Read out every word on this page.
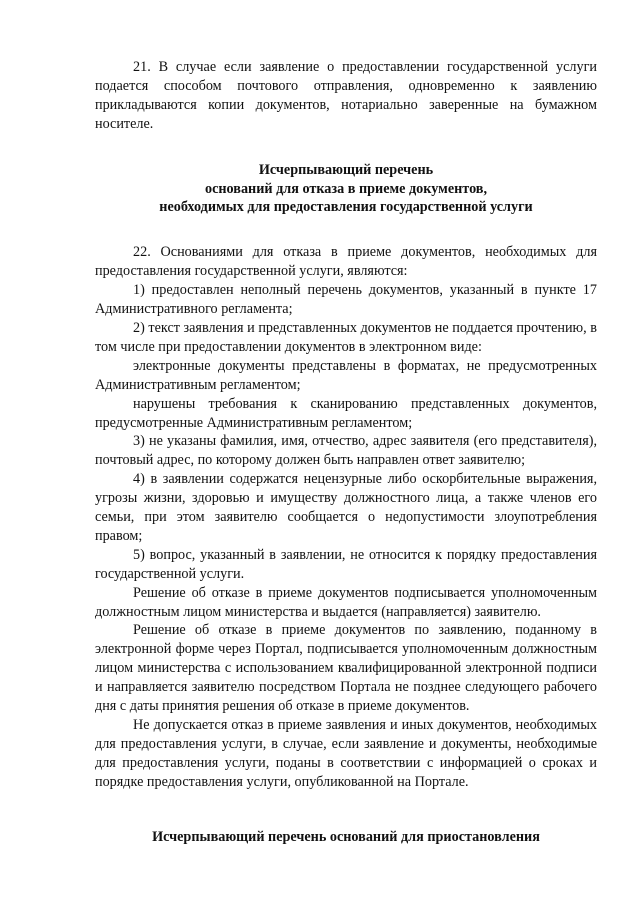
21. В случае если заявление о предоставлении государственной услуги подается способом почтового отправления, одновременно к заявлению прикладываются копии документов, нотариально заверенные на бумажном носителе.

Исчерпывающий перечень
оснований для отказа в приеме документов,
необходимых для предоставления государственной услуги

22. Основаниями для отказа в приеме документов, необходимых для предоставления государственной услуги, являются:

1) предоставлен неполный перечень документов, указанный в пункте 17 Административного регламента;

2) текст заявления и представленных документов не поддается прочтению, в том числе при предоставлении документов в электронном виде:

электронные документы представлены в форматах, не предусмотренных Административным регламентом;

нарушены требования к сканированию представленных документов, предусмотренные Административным регламентом;

3) не указаны фамилия, имя, отчество, адрес заявителя (его представителя), почтовый адрес, по которому должен быть направлен ответ заявителю;

4) в заявлении содержатся нецензурные либо оскорбительные выражения, угрозы жизни, здоровью и имуществу должностного лица, а также членов его семьи, при этом заявителю сообщается о недопустимости злоупотребления правом;

5) вопрос, указанный в заявлении, не относится к порядку предоставления государственной услуги.

Решение об отказе в приеме документов подписывается уполномоченным должностным лицом министерства и выдается (направляется) заявителю.

Решение об отказе в приеме документов по заявлению, поданному в электронной форме через Портал, подписывается уполномоченным должностным лицом министерства с использованием квалифицированной электронной подписи и направляется заявителю посредством Портала не позднее следующего рабочего дня с даты принятия решения об отказе в приеме документов.

Не допускается отказ в приеме заявления и иных документов, необходимых для предоставления услуги, в случае, если заявление и документы, необходимые для предоставления услуги, поданы в соответствии с информацией о сроках и порядке предоставления услуги, опубликованной на Портале.

Исчерпывающий перечень оснований для приостановления
